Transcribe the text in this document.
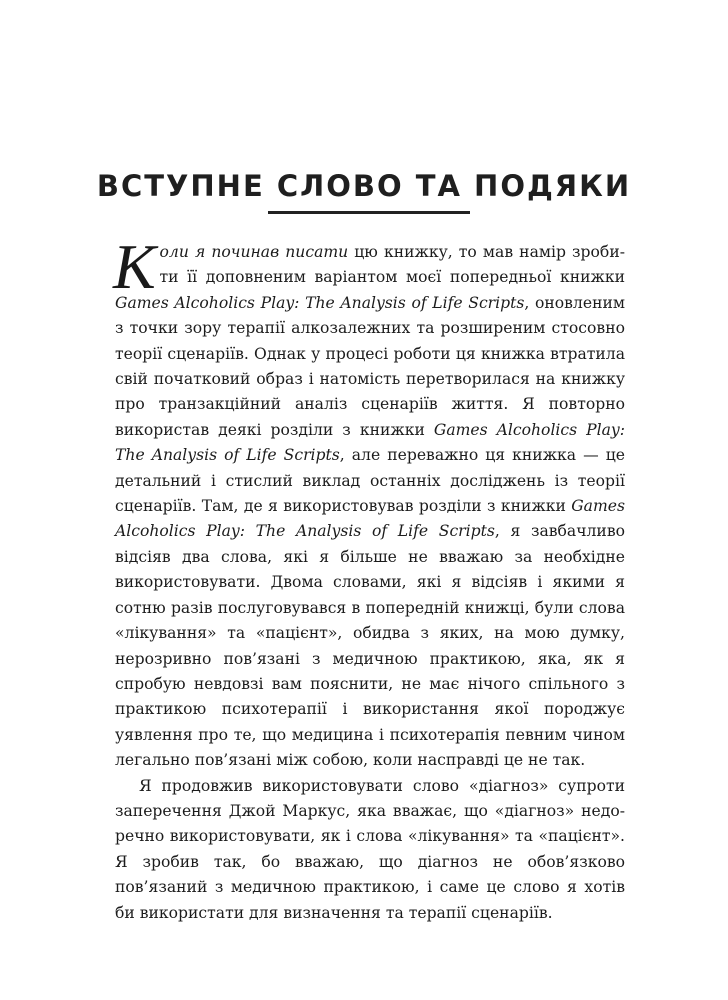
ВСТУПНЕ СЛОВО ТА ПОДЯКИ

Коли я починав писати цю книжку, то мав намір зробити її доповненим варіантом моєї попередньої книжки Games Alcoholics Play: The Analysis of Life Scripts, оновленим з точки зору терапії алкозалежних та розширеним стосовно теорії сценаріїв. Однак у процесі роботи ця книжка втратила свій початковий образ і натомість перетворилася на книжку про транзакційний аналіз сценаріїв життя. Я повторно використав деякі розділи з книжки Games Alcoholics Play: The Analysis of Life Scripts, але переважно ця книжка — це детальний і стислий виклад останніх досліджень із теорії сценаріїв. Там, де я використовував розділи з книжки Games Alcoholics Play: The Analysis of Life Scripts, я завбачливо відсіяв два слова, які я більше не вважаю за необхідне використовувати. Двома словами, які я відсіяв і якими я сотню разів послуговувався в попередній книжці, були слова «лікування» та «пацієнт», обидва з яких, на мою думку, нерозривно пов’язані з медичною практикою, яка, як я спробую невдовзі вам пояснити, не має нічого спільного з практикою психотерапії і використання якої породжує уявлення про те, що медицина і психотерапія певним чином легально пов’язані між собою, коли насправді це не так.

Я продовжив використовувати слово «діагноз» супроти заперечення Джой Маркус, яка вважає, що «діагноз» недоречно використовувати, як і слова «лікування» та «пацієнт». Я зробив так, бо вважаю, що діагноз не обов’язково пов’язаний з медичною практикою, і саме це слово я хотів би використати для визначення та терапії сценаріїв.
